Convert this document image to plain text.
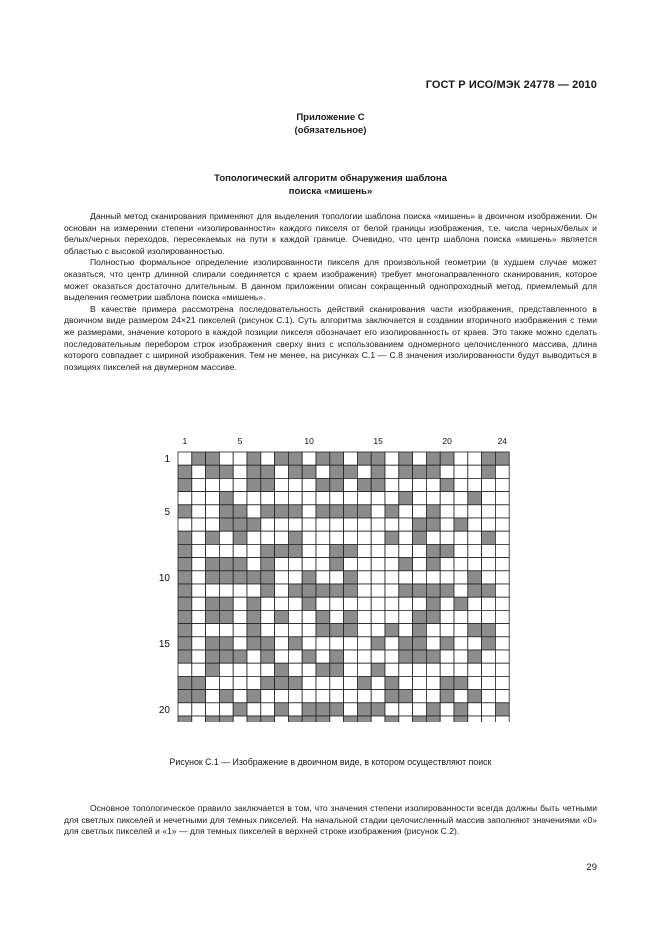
ГОСТ Р ИСО/МЭК 24778 — 2010
Приложение С
(обязательное)
Топологический алгоритм обнаружения шаблона
поиска «мишень»

Данный метод сканирования применяют для выделения топологии шаблона поиска «мишень» в двоичном изображении. Он основан на измерении степени «изолированности» каждого пикселя от белой границы изображения, т.е. числа черных/белых и белых/черных переходов, пересекаемых на пути к каждой границе. Очевидно, что центр шаблона поиска «мишень» является областью с высокой изолированностью.

Полностью формальное определение изолированности пикселя для произвольной геометрии (в худшем случае может оказаться, что центр длинной спирали соединяется с краем изображения) требует многонаправленного сканирования, которое может оказаться достаточно длительным. В данном приложении описан сокращенный однопроходный метод, приемлемый для выделения геометрии шаблона поиска «мишень».

В качестве примера рассмотрена последовательность действий сканирования части изображения, представленного в двоичном виде размером 24×21 пикселей (рисунок С.1). Суть алгоритма заключается в создании вторичного изображения с теми же размерами, значение которого в каждой позиции пикселя обозначает его изолированность от краев. Это также можно сделать последовательным перебором строк изображения сверху вниз с использованием одномерного целочисленного массива, длина которого совпадает с шириной изображения. Тем не менее, на рисунках С.1 — С.8 значения изолированности будут выводиться в позициях пикселей на двумерном массиве.

1	5	10	15	20	24
1
5
10
15
20
Рисунок С.1 — Изображение в двоичном виде, в котором осуществляют поиск

Основное топологическое правило заключается в том, что значения степени изолированности всегда должны быть четными для светлых пикселей и нечетными для темных пикселей. На начальной стадии целочисленный массив заполняют значениями «0» для светлых пикселей и «1» — для темных пикселей в верхней строке изображения (рисунок С.2).

29
